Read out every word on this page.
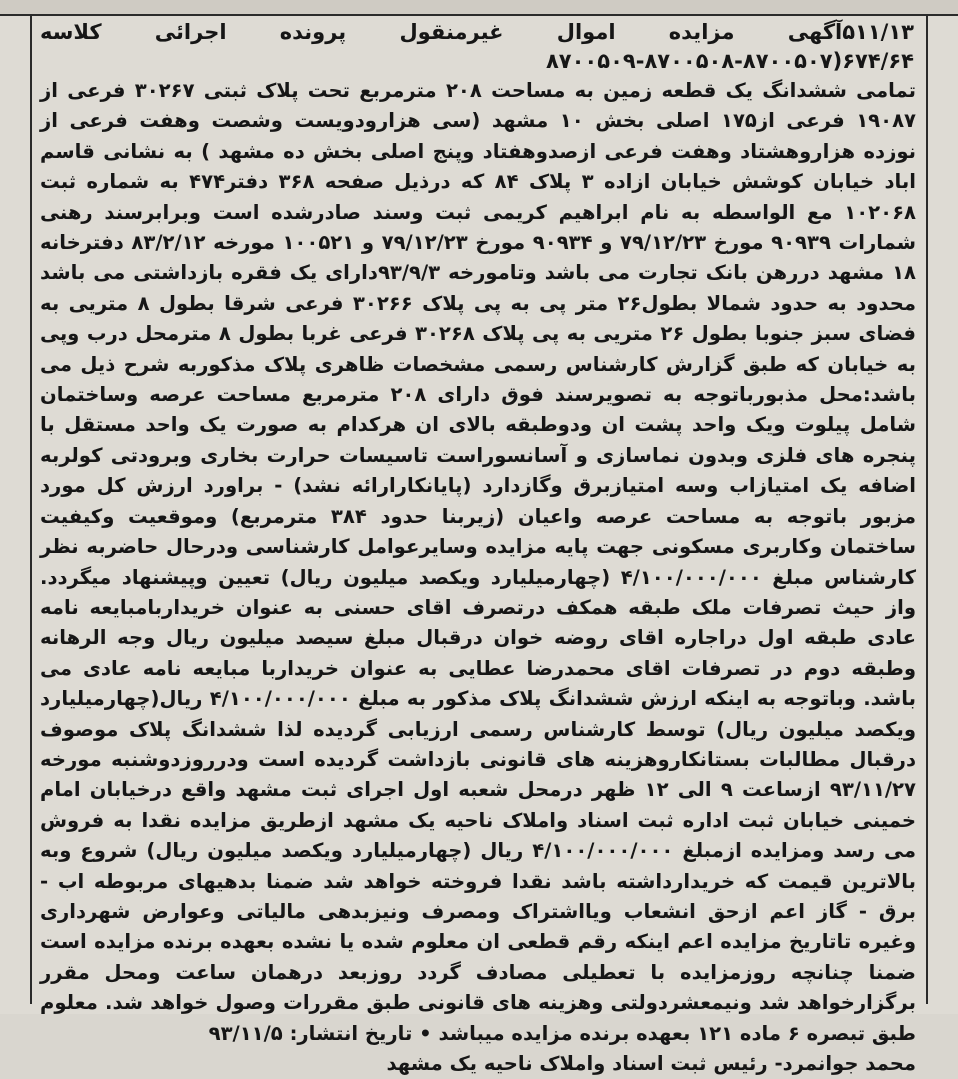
۵۱۱/۱۳آگهی مزایده اموال غیرمنقول پرونده اجرائی کلاسه ۶۷۴/۶۴(۸۷۰۰۵۰۷-۸۷۰۰۵۰۸-۸۷۰۰۵۰۹

تمامی ششدانگ یک قطعه زمین به مساحت ۲۰۸ مترمربع تحت پلاک ثبتی ۳۰۲۶۷ فرعی از ۱۹۰۸۷ فرعی از۱۷۵ اصلی بخش ۱۰ مشهد (سی هزارودویست وشصت وهفت فرعی از نوزده هزاروهشتاد وهفت فرعی ازصدوهفتاد وپنج اصلی بخش ده مشهد ) به نشانی قاسم اباد خیابان کوشش خیابان ازاده ۳ پلاک ۸۴ که درذیل صفحه ۳۶۸ دفتر۴۷۴ به شماره ثبت ۱۰۲۰۶۸ مع الواسطه به نام ابراهیم کریمی ثبت وسند صادرشده است وبرابرسند رهنی شمارات ۹۰۹۳۹ مورخ ۷۹/۱۲/۲۳ و ۹۰۹۳۴ مورخ ۷۹/۱۲/۲۳ و ۱۰۰۵۲۱ مورخه ۸۳/۲/۱۲ دفترخانه ۱۸ مشهد دررهن بانک تجارت می باشد وتامورخه ۹۳/۹/۳دارای یک فقره بازداشتی می باشد محدود به حدود شمالا بطول۲۶ متر پی به پی پلاک ۳۰۲۶۶ فرعی شرقا بطول ۸ متریی به فضای سبز جنوبا بطول ۲۶ متریی به پی پلاک ۳۰۲۶۸ فرعی غربا بطول ۸ مترمحل درب وپی به خیابان که طبق گزارش کارشناس رسمی مشخصات ظاهری پلاک مذکوربه شرح ذیل می باشد:محل مذبورباتوجه به تصویرسند فوق دارای ۲۰۸ مترمربع مساحت عرصه وساختمان شامل پیلوت ویک واحد پشت ان ودوطبقه بالای ان هرکدام به صورت یک واحد مستقل با پنجره های فلزی وبدون نماسازی و آسانسوراست تاسیسات حرارت بخاری وبرودتی کولربه اضافه یک امتیازاب وسه امتیازبرق وگازدارد (پایانکارارائه نشد) - براورد ارزش کل مورد مزبور باتوجه به مساحت عرصه واعیان (زیربنا حدود ۳۸۴ مترمربع) وموقعیت وکیفیت ساختمان وکاربری مسکونی جهت پایه مزایده وسایرعوامل کارشناسی ودرحال حاضربه نظر کارشناس مبلغ ۴/۱۰۰/۰۰۰/۰۰۰ (چهارمیلیارد ویکصد میلیون ریال) تعیین وپیشنهاد میگردد. واز حیث تصرفات ملک طبقه همکف درتصرف اقای حسنی به عنوان خریداربامبایعه نامه عادی طبقه اول دراجاره اقای روضه خوان درقبال مبلغ سیصد میلیون ریال وجه الرهانه وطبقه دوم در تصرفات اقای محمدرضا عطایی به عنوان خریداربا مبایعه نامه عادی می باشد. وباتوجه به اینکه ارزش ششدانگ پلاک مذکور به مبلغ ۴/۱۰۰/۰۰۰/۰۰۰ ریال(چهارمیلیارد ویکصد میلیون ریال) توسط کارشناس رسمی ارزیابی گردیده لذا ششدانگ پلاک موصوف درقبال مطالبات بستانکاروهزینه های قانونی بازداشت گردیده است ودرروزدوشنبه مورخه ۹۳/۱۱/۲۷ ازساعت ۹ الی ۱۲ ظهر درمحل شعبه اول اجرای ثبت مشهد واقع درخیابان امام خمینی خیابان ثبت اداره ثبت اسناد واملاک ناحیه یک مشهد ازطریق مزایده نقدا به فروش می رسد ومزایده ازمبلغ ۴/۱۰۰/۰۰۰/۰۰۰ ریال (چهارمیلیارد ویکصد میلیون ریال) شروع وبه بالاترین قیمت که خریدارداشته باشد نقدا فروخته خواهد شد ضمنا بدهیهای مربوطه اب - برق - گاز اعم ازحق انشعاب ویااشتراک ومصرف ونیزبدهی مالیاتی وعوارض شهرداری وغیره تاتاریخ مزایده اعم اینکه رقم قطعی ان معلوم شده یا نشده بعهده برنده مزایده است ضمنا چنانچه روزمزایده با تعطیلی مصادف گردد روزبعد درهمان ساعت ومحل مقرر برگزارخواهد شد ونیمعشردولتی وهزینه های قانونی طبق مقررات وصول خواهد شد. معلوم طبق تبصره ۶ ماده ۱۲۱ بعهده برنده مزایده میباشد • تاریخ انتشار: ۹۳/۱۱/۵

محمد جوانمرد- رئیس ثبت اسناد واملاک ناحیه یک مشهد
